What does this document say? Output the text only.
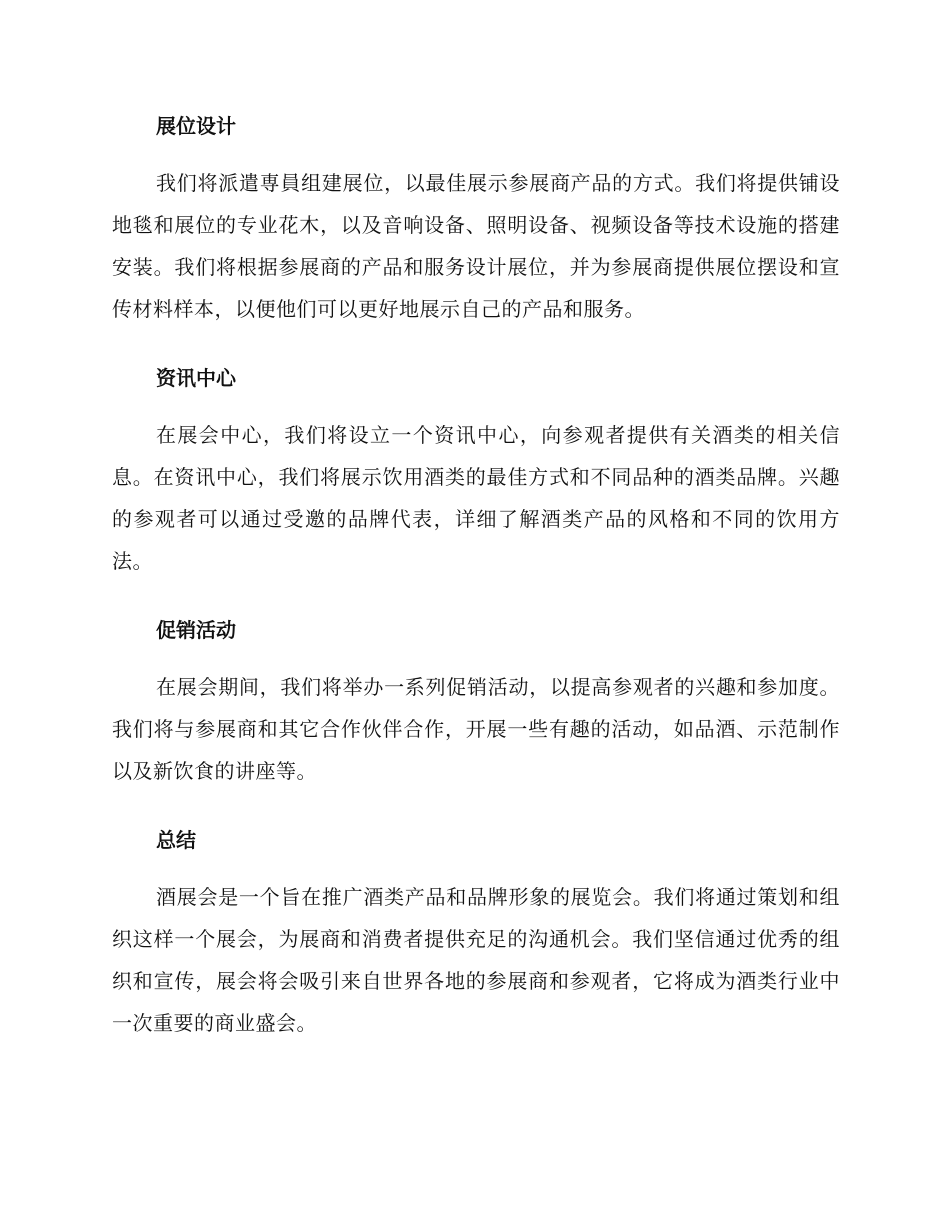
展位设计

我们将派遣専員组建展位，以最佳展示参展商产品的方式。我们将提供铺设地毯和展位的专业花木，以及音响设备、照明设备、视频设备等技术设施的搭建安装。我们将根据参展商的产品和服务设计展位，并为参展商提供展位摆设和宣传材料样本，以便他们可以更好地展示自己的产品和服务。

资讯中心

在展会中心，我们将设立一个资讯中心，向参观者提供有关酒类的相关信息。在资讯中心，我们将展示饮用酒类的最佳方式和不同品种的酒类品牌。兴趣的参观者可以通过受邀的品牌代表，详细了解酒类产品的风格和不同的饮用方法。

促销活动

在展会期间，我们将举办一系列促销活动，以提高参观者的兴趣和参加度。我们将与参展商和其它合作伙伴合作，开展一些有趣的活动，如品酒、示范制作以及新饮食的讲座等。

总结

酒展会是一个旨在推广酒类产品和品牌形象的展览会。我们将通过策划和组织这样一个展会，为展商和消费者提供充足的沟通机会。我们坚信通过优秀的组织和宣传，展会将会吸引来自世界各地的参展商和参观者，它将成为酒类行业中一次重要的商业盛会。
